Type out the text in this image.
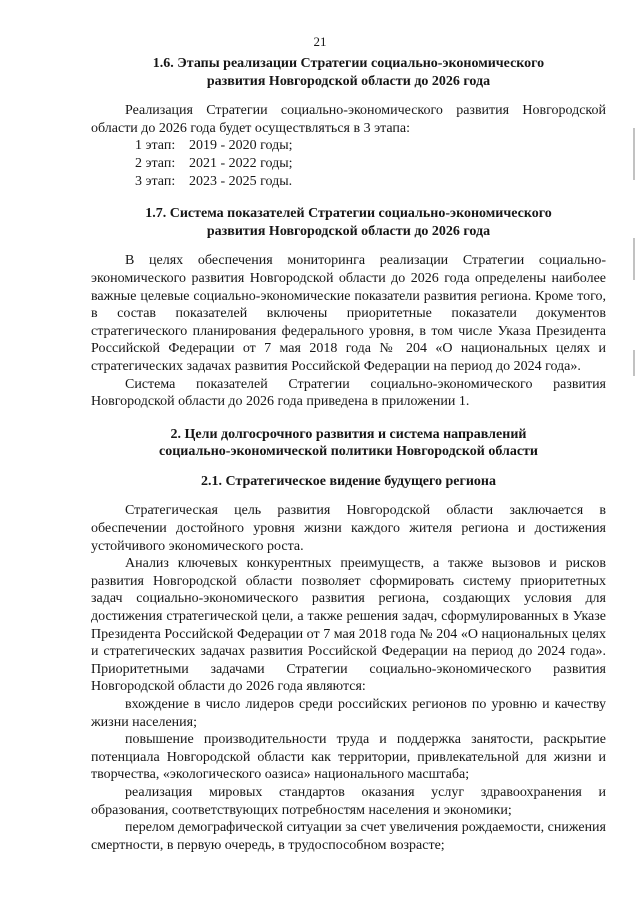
21
1.6. Этапы реализации Стратегии социально-экономического
развития Новгородской области до 2026 года

Реализация Стратегии социально-экономического развития Новгородской области до 2026 года будет осуществляться в 3 этапа:

1 этап: 2019 - 2020 годы;

2 этап: 2021 - 2022 годы;

3 этап: 2023 - 2025 годы.

1.7. Система показателей Стратегии социально-экономического
развития Новгородской области до 2026 года

В целях обеспечения мониторинга реализации Стратегии социально-экономического развития Новгородской области до 2026 года определены наиболее важные целевые социально-экономические показатели развития региона. Кроме того, в состав показателей включены приоритетные показатели документов стратегического планирования федерального уровня, в том числе Указа Президента Российской Федерации от 7 мая 2018 года № 204 «О национальных целях и стратегических задачах развития Российской Федерации на период до 2024 года».

Система показателей Стратегии социально-экономического развития Новгородской области до 2026 года приведена в приложении 1.

2. Цели долгосрочного развития и система направлений
социально-экономической политики Новгородской области
2.1. Стратегическое видение будущего региона

Стратегическая цель развития Новгородской области заключается в обеспечении достойного уровня жизни каждого жителя региона и достижения устойчивого экономического роста.

Анализ ключевых конкурентных преимуществ, а также вызовов и рисков развития Новгородской области позволяет сформировать систему приоритетных задач социально-экономического развития региона, создающих условия для достижения стратегической цели, а также решения задач, сформулированных в Указе Президента Российской Федерации от 7 мая 2018 года № 204 «О национальных целях и стратегических задачах развития Российской Федерации на период до 2024 года». Приоритетными задачами Стратегии социально-экономического развития Новгородской области до 2026 года являются:

вхождение в число лидеров среди российских регионов по уровню и качеству жизни населения;

повышение производительности труда и поддержка занятости, раскрытие потенциала Новгородской области как территории, привлекательной для жизни и творчества, «экологического оазиса» национального масштаба;

реализация мировых стандартов оказания услуг здравоохранения и образования, соответствующих потребностям населения и экономики;

перелом демографической ситуации за счет увеличения рождаемости, снижения смертности, в первую очередь, в трудоспособном возрасте;
